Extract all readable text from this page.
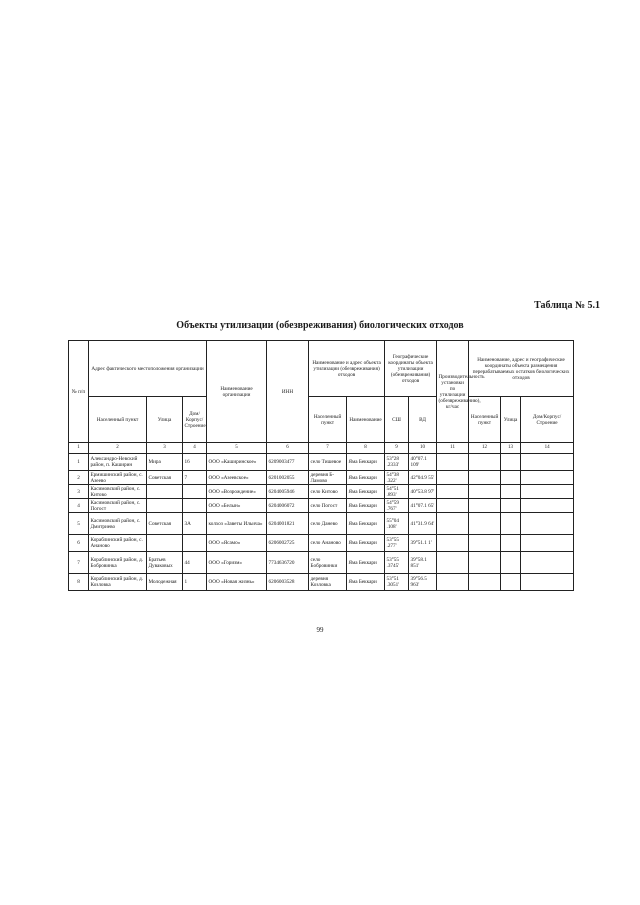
Таблица № 5.1
Объекты утилизации (обезвреживания) биологических отходов
№ п/п	Адрес фактического местоположения организации			Наименование организации	ИНН	Наименование и адрес объекта утилизации (обезвреживания) отходов		Географические координаты объекта утилизации (обезвреживания) отходов		Производительность установки по утилизации (обезвреживанию), кг/час	Наименование, адрес и географические координаты объекта размещения перерабатываемых остатков биологических отходов		
	Населенный пункт	Улица	Дом/Корпус/Строение			Населенный пункт	Наименование	СШ	ВД		Населенный пункт	Улица	Дом/Корпус/Строение
1	2	3	4	5	6	7	8	9	10	11	12	13	14
1	Александро-Невский район, п. Каширин	Мира	16	ООО «Каширинское»	6209003477	село Тишевое	Яма Беккари	53°28 .2333'	40°07.1 109'				
2	Ермишинский район, с. Азеево	Советская	7	ООО «Азеевское»	6201002055	деревня Б-Ламово	Яма Беккари	54°38 .322'	42°04.9 55'				
3	Касимовский район, с. Китово			ООО «Возрождение»	6204005946	село Китово	Яма Беккари	54°51 .893'	40°53.8 97'				
4	Касимовский район, с. Погост			ООО «Белын»	6204006072	село Погост	Яма Беккари	54°59 .767'	41°07.1 65'				
5	Касимовский район, с. Дмитриево	Советская	3А	колхоз «Заветы Ильича»	6204001821	село Данево	Яма Беккари	55°04 .108'	41°31.9 64'				
6	Кораблинский район, с. Ананово			ООО «Ясамо»	6206002725	село Ананово	Яма Беккари	53°55 .277'	39°51.1 1'				
7	Кораблинский район, д. Бобровинка	Братьев Дуваковых	44	ООО «Горизм»	7734636720	село Бобровинки	Яма Беккари	53°55 .3745'	39°58.1 851'				
8	Кораблинский район, д. Козловка	Молодежная	1	ООО «Новая жизнь»	6206003528	деревня Козловка	Яма Беккари	53°51 .3051'	39°56.5 963'				
99
